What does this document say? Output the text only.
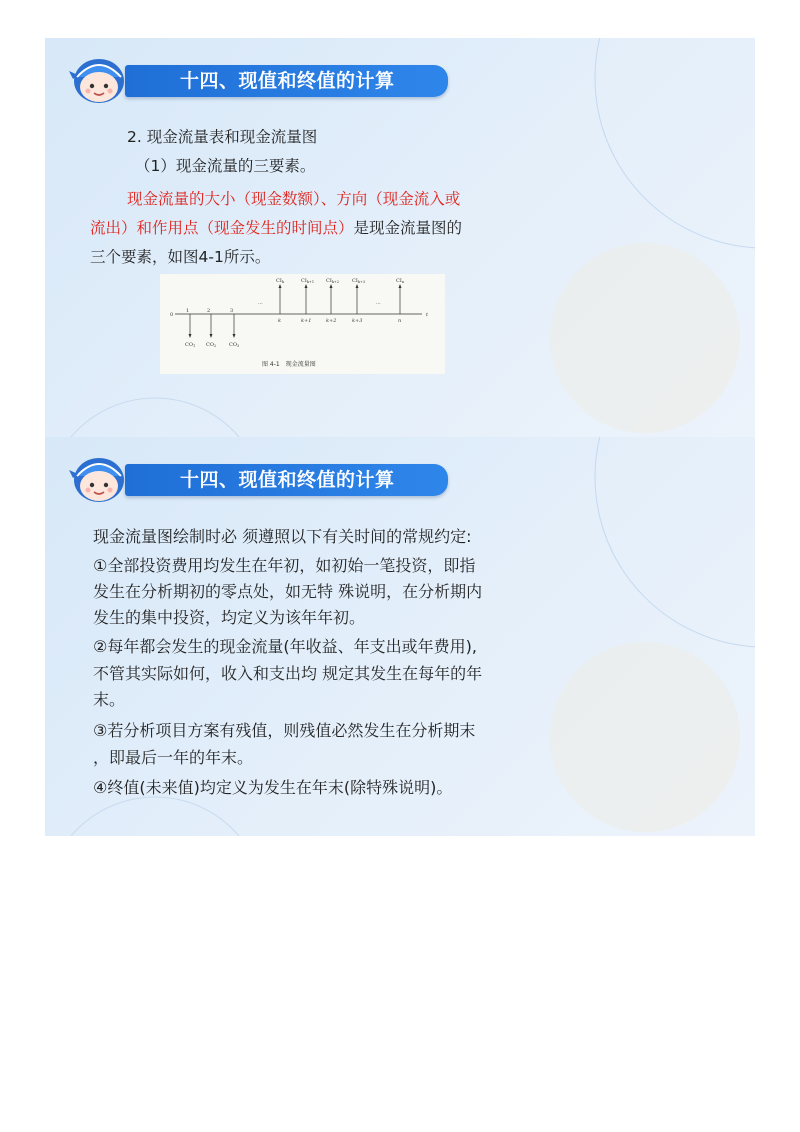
十四、现值和终值的计算
2. 现金流量表和现金流量图
（1）现金流量的三要素。
现金流量的大小（现金数额）、方向（现金流入或
流出）和作用点（现金发生的时间点）是现金流量图的
三个要素，如图4-1所示。
0	t
1	2	3
$CO_1$ $CO_2$	$CO_3$
$CI_k$	$CI_{k+1}$ $CI_{k+2}$	$CI_{k+3}$	$CI_n$
k	k+1	k+2	k+3	n
...	...
图 4-1　现金流量图
十四、现值和终值的计算
现金流量图绘制时必 须遵照以下有关时间的常规约定:
①全部投资费用均发生在年初，如初始一笔投资，即指
发生在分析期初的零点处，如无特 殊说明，在分析期内
发生的集中投资，均定义为该年年初。
②每年都会发生的现金流量(年收益、年支出或年费用),
不管其实际如何，收入和支出均 规定其发生在每年的年
末。
③若分析项目方案有残值，则残值必然发生在分析期末
，即最后一年的年末。
④终值(未来值)均定义为发生在年末(除特殊说明)。
